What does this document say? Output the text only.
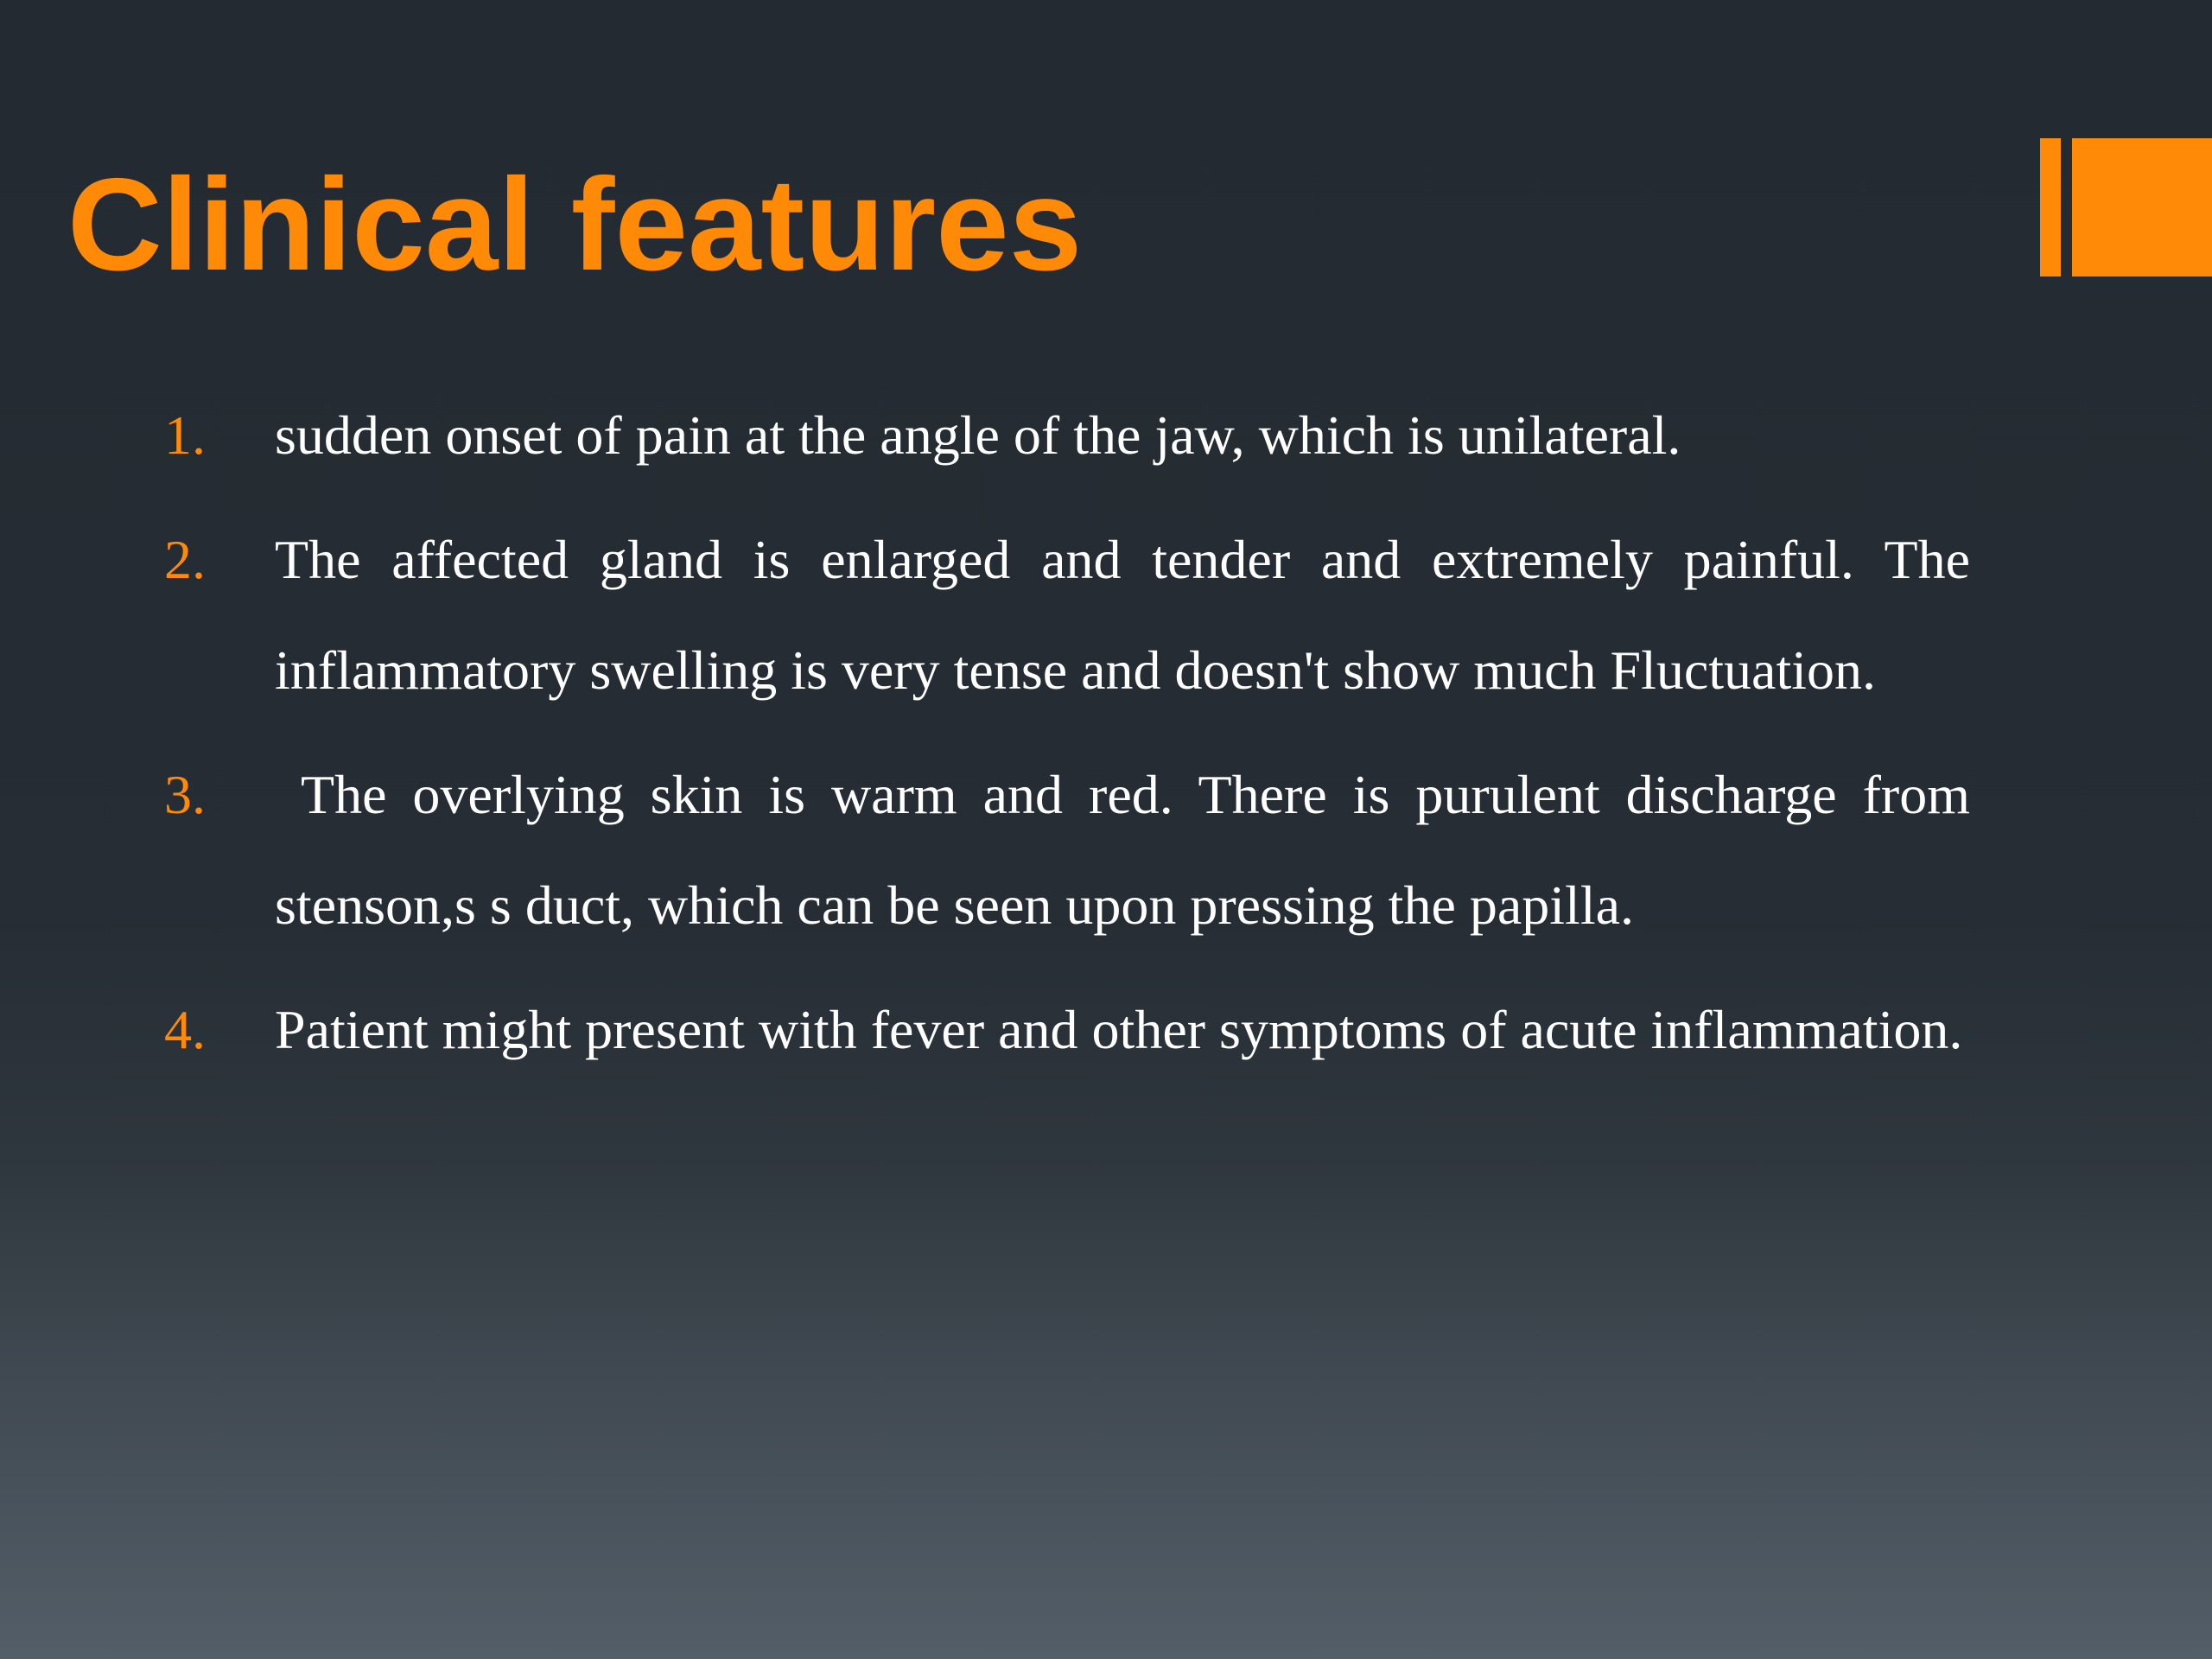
Clinical features
1. sudden onset of pain at the angle of the jaw, which is unilateral.
2. The affected gland is enlarged and tender and extremely painful. The inflammatory swelling is very tense and doesn't show much Fluctuation.
3. The overlying skin is warm and red. There is purulent discharge from stenson,s s duct, which can be seen upon pressing the papilla.
4. Patient might present with fever and other symptoms of acute inflammation.
